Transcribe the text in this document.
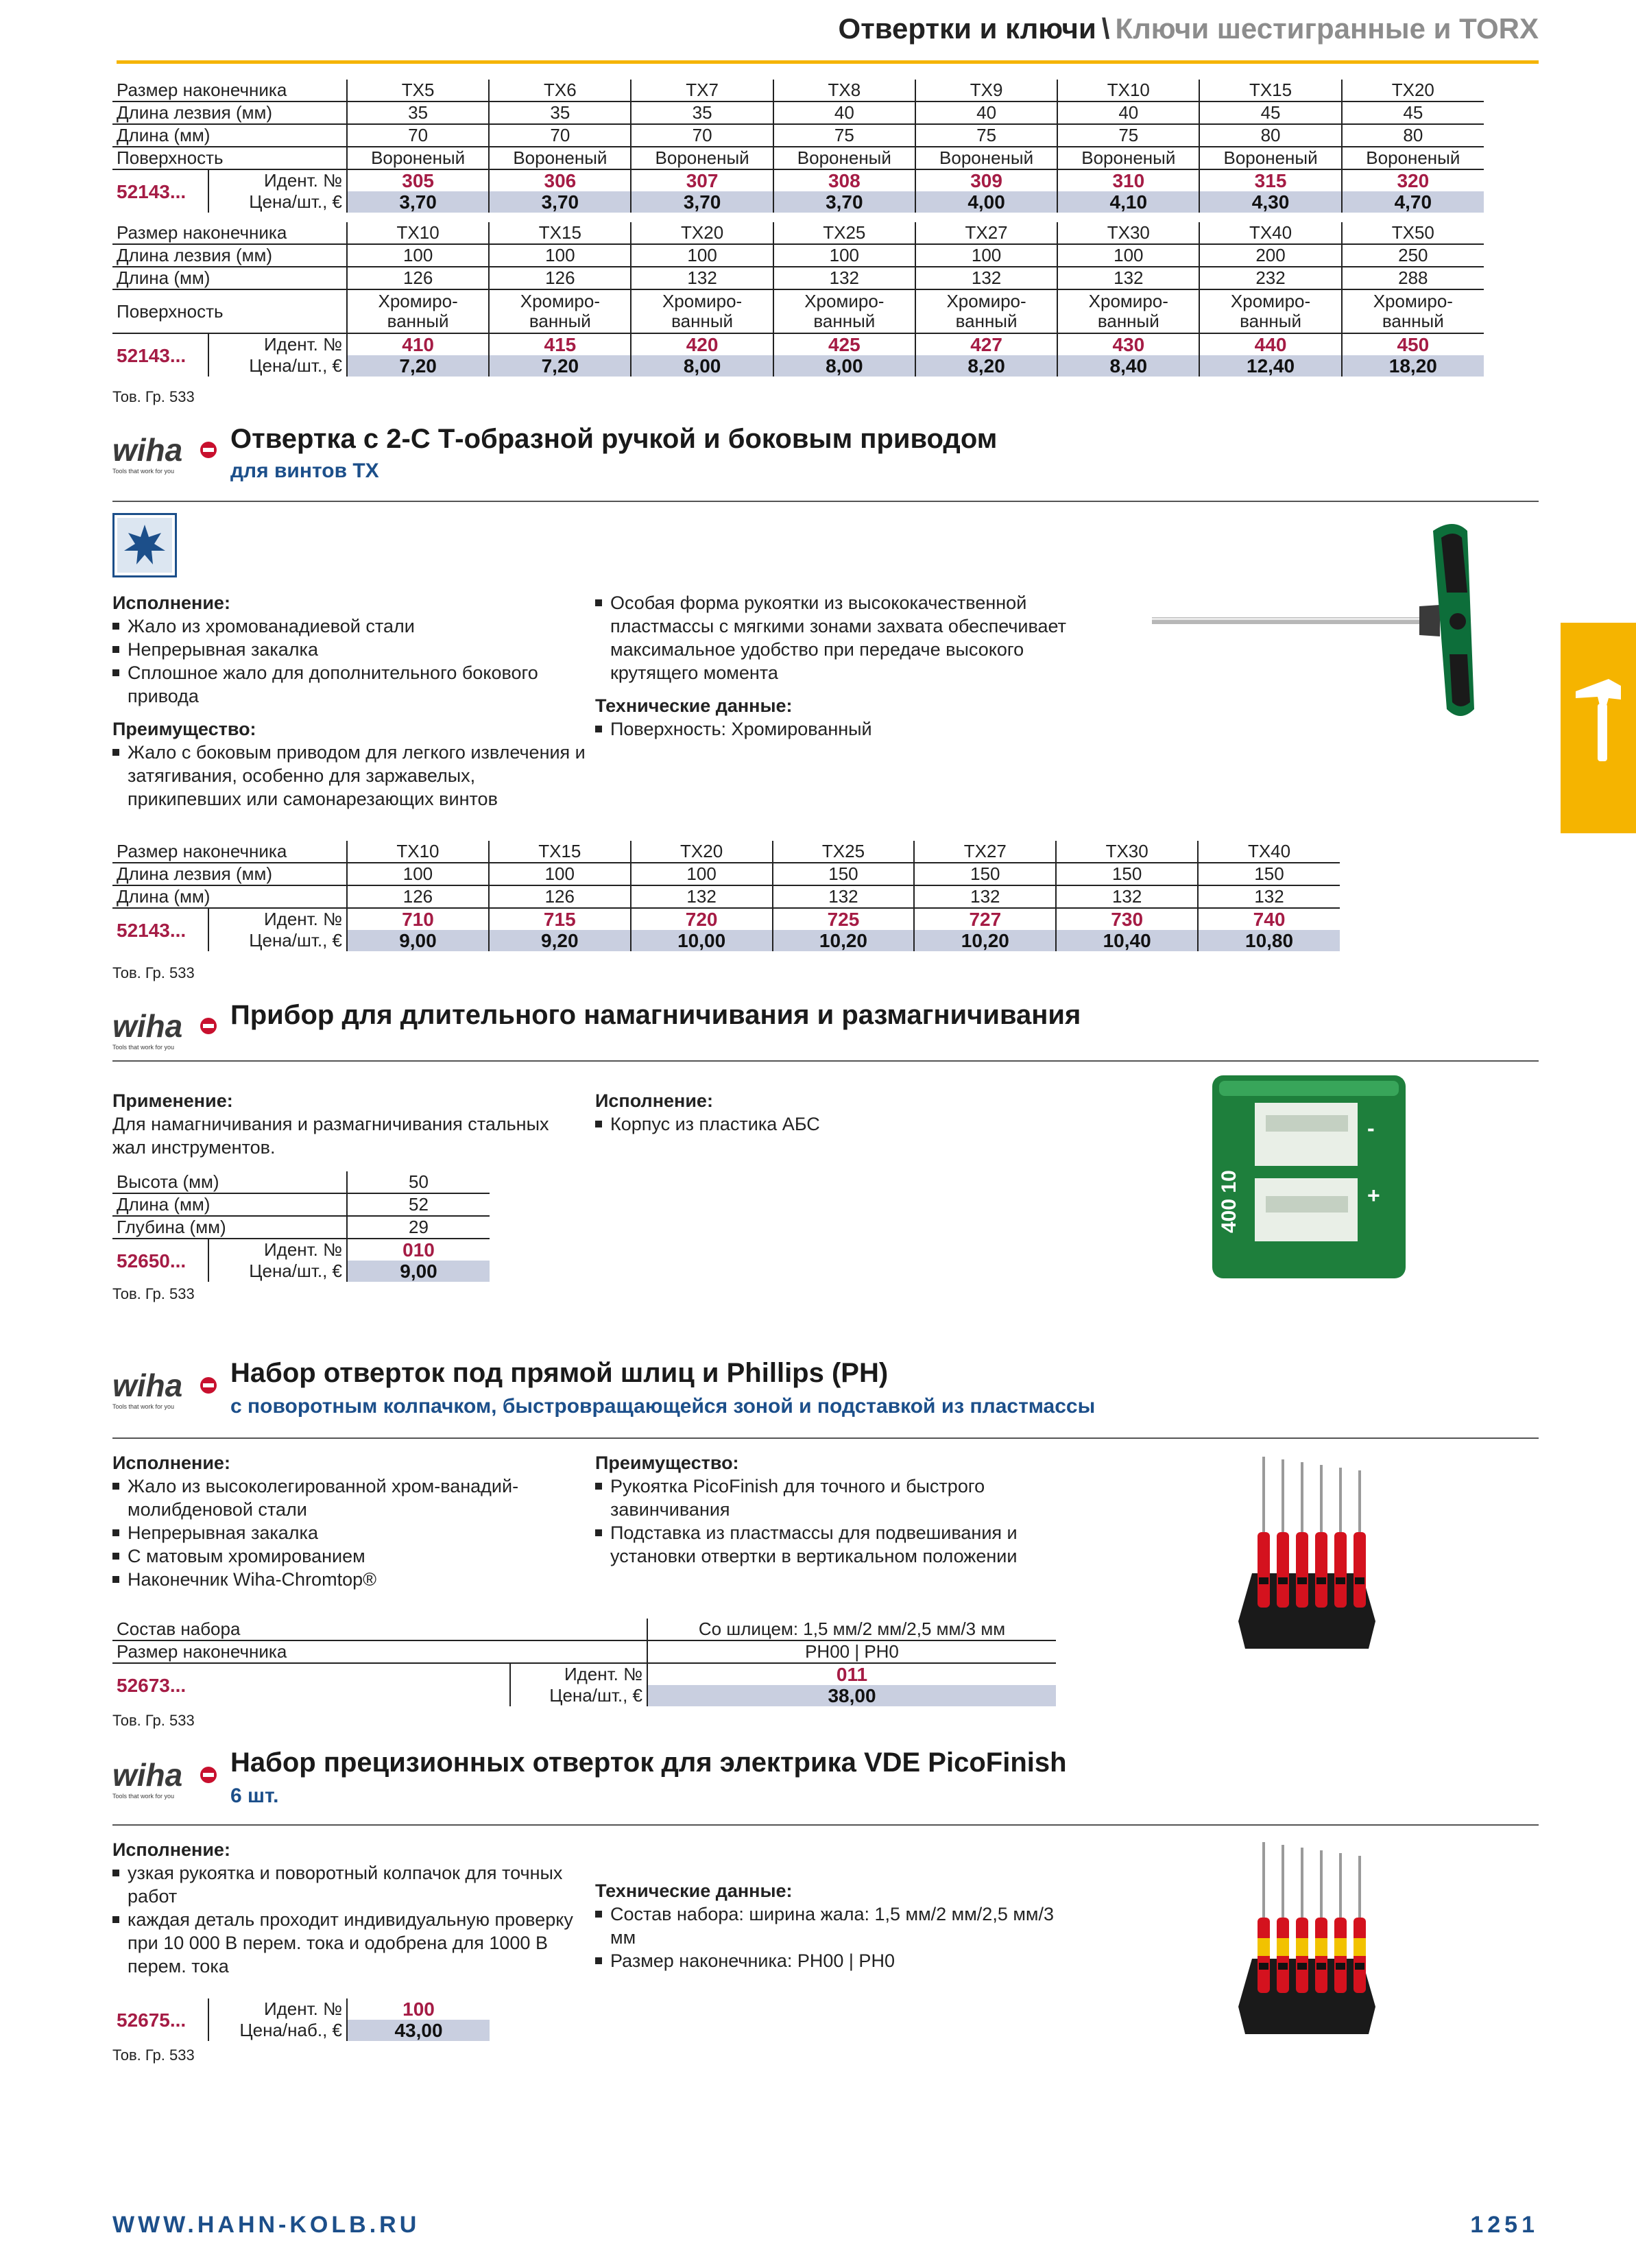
Отвертки и ключи \ Ключи шестигранные и TORX
Размер наконечника		TX5	TX6	TX7	TX8	TX9	TX10	TX15	TX20
Длина лезвия (мм)		35	35	35	40	40	40	45	45
Длина (мм)		70	70	70	75	75	75	80	80
Поверхность		Вороненый	Вороненый	Вороненый	Вороненый	Вороненый	Вороненый	Вороненый	Вороненый
52143...	Идент. №	305	306	307	308	309	310	315	320
	Цена/шт., €	3,70	3,70	3,70	3,70	4,00	4,10	4,30	4,70
Размер наконечника		TX10	TX15	TX20	TX25	TX27	TX30	TX40	TX50
Длина лезвия (мм)		100	100	100	100	100	100	200	250
Длина (мм)		126	126	132	132	132	132	232	288
Поверхность		Хромиро-ванный	Хромиро-ванный	Хромиро-ванный	Хромиро-ванный	Хромиро-ванный	Хромиро-ванный	Хромиро-ванный	Хромиро-ванный
52143...	Идент. №	410	415	420	425	427	430	440	450
	Цена/шт., €	7,20	7,20	8,00	8,00	8,20	8,40	12,40	18,20
Тов. Гр. 533
wiha
Tools that work for you
Отвертка с 2-С Т-образной ручкой и боковым приводом
для винтов TX
Исполнение:
Жало из хромованадиевой стали
Непрерывная закалка
Сплошное жало для дополнительного бокового привода
Преимущество:
Жало с боковым приводом для легкого извлечения и затягивания, особенно для заржавелых, прикипевших или самонарезающих винтов
Особая форма рукоятки из высококачественной пластмассы с мягкими зонами захвата обеспечивает максимальное удобство при передаче высокого крутящего момента
Технические данные:
Поверхность: Хромированный
Размер наконечника		TX10	TX15	TX20	TX25	TX27	TX30	TX40
Длина лезвия (мм)		100	100	100	150	150	150	150
Длина (мм)		126	126	132	132	132	132	132
52143...	Идент. №	710	715	720	725	727	730	740
	Цена/шт., €	9,00	9,20	10,00	10,20	10,20	10,40	10,80
Тов. Гр. 533
wiha
Tools that work for you
Прибор для длительного намагничивания и размагничивания
Применение:

Для намагничивания и размагничивания стальных жал инструментов.

Исполнение:
Корпус из пластика АБС
Высота (мм)		50
Длина (мм)		52
Глубина (мм)		29
52650...	Идент. №	010
	Цена/шт., €	9,00
Тов. Гр. 533
400 10	+
-
wiha
Tools that work for you
Набор отверток под прямой шлиц и Phillips (PH)
с поворотным колпачком, быстровращающейся зоной и подставкой из пластмассы
Исполнение:
Жало из высоколегированной хром-ванадий-молибденовой стали
Непрерывная закалка
С матовым хромированием
Наконечник Wiha-Chromtop®
Преимущество:
Рукоятка PicoFinish для точного и быстрого завинчивания
Подставка из пластмассы для подвешивания и установки отвертки в вертикальном положении
Состав набора		Со шлицем: 1,5 мм/2 мм/2,5 мм/3 мм
Размер наконечника		PH00 | PH0
52673...	Идент. №	011
	Цена/шт., €	38,00
Тов. Гр. 533
wiha
Tools that work for you
Набор прецизионных отверток для электрика VDE PicoFinish
6 шт.
Исполнение:
узкая рукоятка и поворотный колпачок для точных работ
каждая деталь проходит индивидуальную проверку при 10 000 В перем. тока и одобрена для 1000 В перем. тока
Технические данные:
Состав набора: ширина жала: 1,5 мм/2 мм/2,5 мм/3 мм
Размер наконечника: PH00 | PH0
52675...	Идент. №	100
	Цена/наб., €	43,00
Тов. Гр. 533
WWW.HAHN-KOLB.RU	1251
